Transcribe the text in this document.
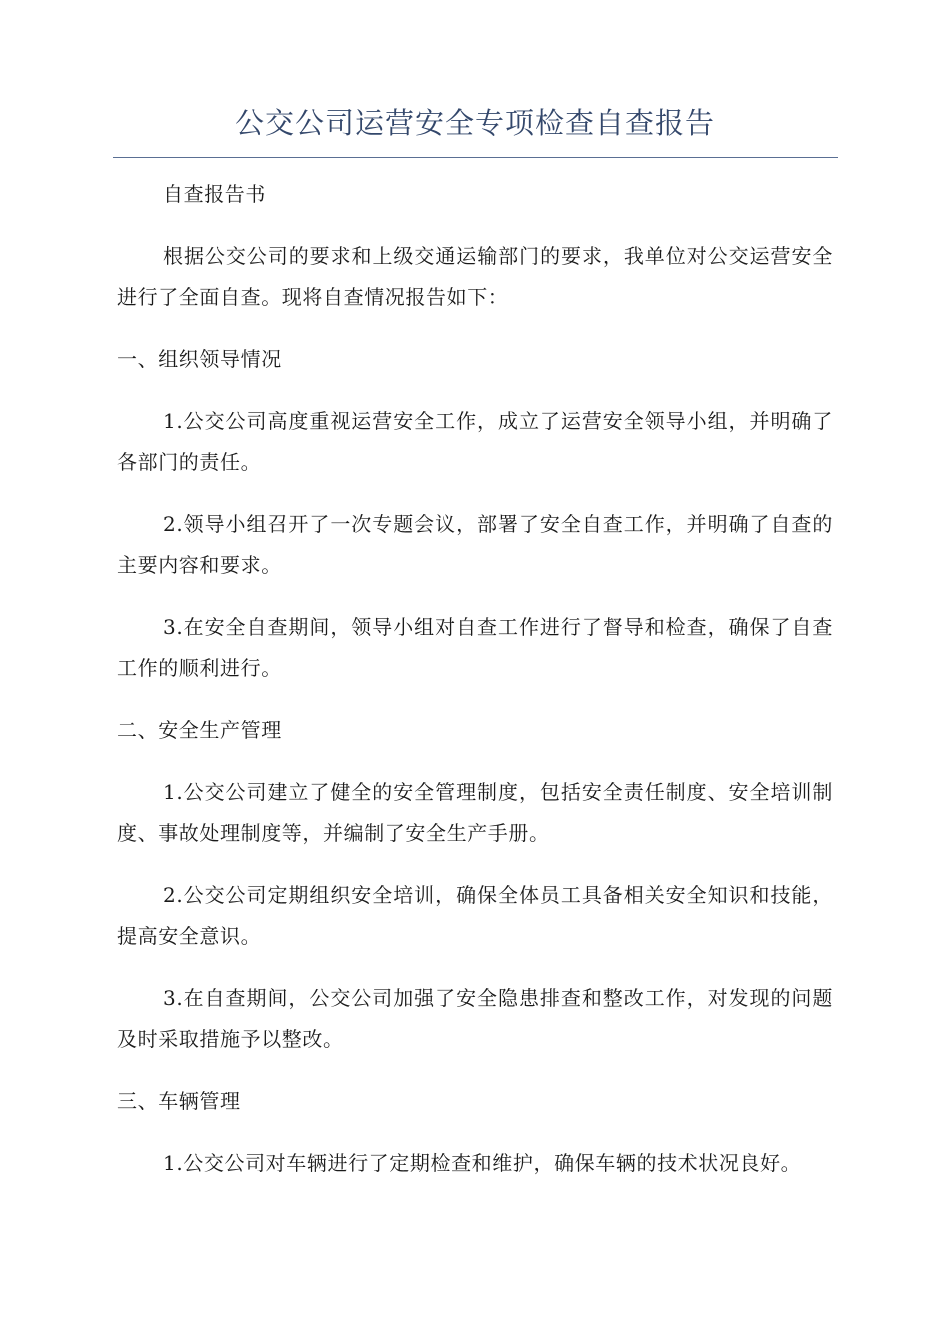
公交公司运营安全专项检查自查报告

自查报告书

根据公交公司的要求和上级交通运输部门的要求，我单位对公交运营安全进行了全面自查。现将自查情况报告如下：

一、组织领导情况

1.公交公司高度重视运营安全工作，成立了运营安全领导小组，并明确了各部门的责任。

2.领导小组召开了一次专题会议，部署了安全自查工作，并明确了自查的主要内容和要求。

3.在安全自查期间，领导小组对自查工作进行了督导和检查，确保了自查工作的顺利进行。

二、安全生产管理

1.公交公司建立了健全的安全管理制度，包括安全责任制度、安全培训制度、事故处理制度等，并编制了安全生产手册。

2.公交公司定期组织安全培训，确保全体员工具备相关安全知识和技能，提高安全意识。

3.在自查期间，公交公司加强了安全隐患排查和整改工作，对发现的问题及时采取措施予以整改。

三、车辆管理

1.公交公司对车辆进行了定期检查和维护，确保车辆的技术状况良好。
